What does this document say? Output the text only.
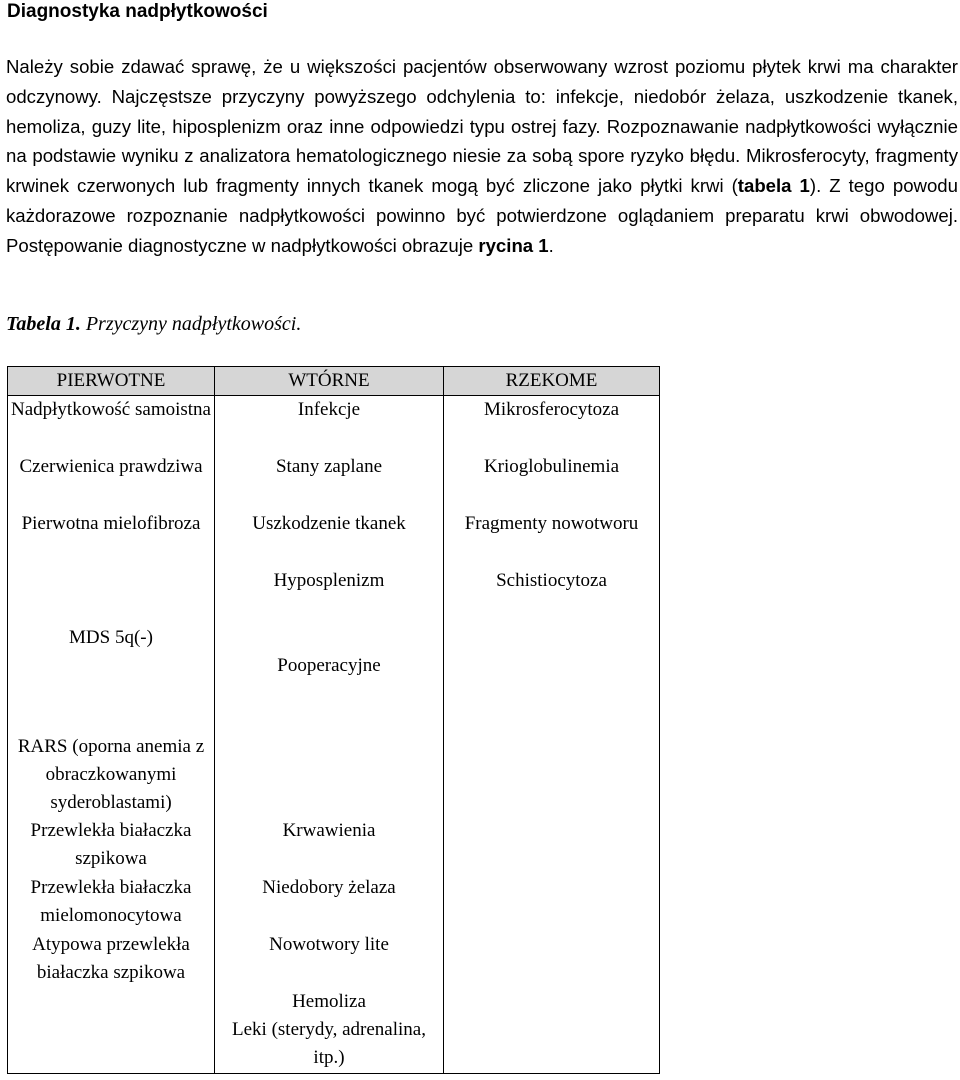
Diagnostyka nadpłytkowości

Należy sobie zdawać sprawę, że u większości pacjentów obserwowany wzrost poziomu płytek krwi ma charakter odczynowy. Najczęstsze przyczyny powyższego odchylenia to: infekcje, niedobór żelaza, uszkodzenie tkanek, hemoliza, guzy lite, hiposplenizm oraz inne odpowiedzi typu ostrej fazy. Rozpoznawanie nadpłytkowości wyłącznie na podstawie wyniku z analizatora hematologicznego niesie za sobą spore ryzyko błędu. Mikrosferocyty, fragmenty krwinek czerwonych lub fragmenty innych tkanek mogą być zliczone jako płytki krwi (tabela 1). Z tego powodu każdorazowe rozpoznanie nadpłytkowości powinno być potwierdzone oglądaniem preparatu krwi obwodowej. Postępowanie diagnostyczne w nadpłytkowości obrazuje rycina 1.

Tabela 1. Przyczyny nadpłytkowości.

PIERWOTNE	WTÓRNE	RZEKOME
Nadpłytkowość samoistna	Infekcje	Mikrosferocytoza
Czerwienica prawdziwa	Stany zaplane	Krioglobulinemia
Pierwotna mielofibroza	Uszkodzenie tkanek	Fragmenty nowotworu
MDS 5q(-)	Hyposplenizm	Schistiocytoza
RARS (oporna anemia z obraczkowanymi syderoblastami)	Pooperacyjne	
Przewlekła białaczka szpikowa	Krwawienia	
Przewlekła białaczka mielomonocytowa	Niedobory żelaza	
Atypowa przewlekła białaczka szpikowa	Nowotwory lite	
	Hemoliza	
	Leki (sterydy, adrenalina, itp.)	
